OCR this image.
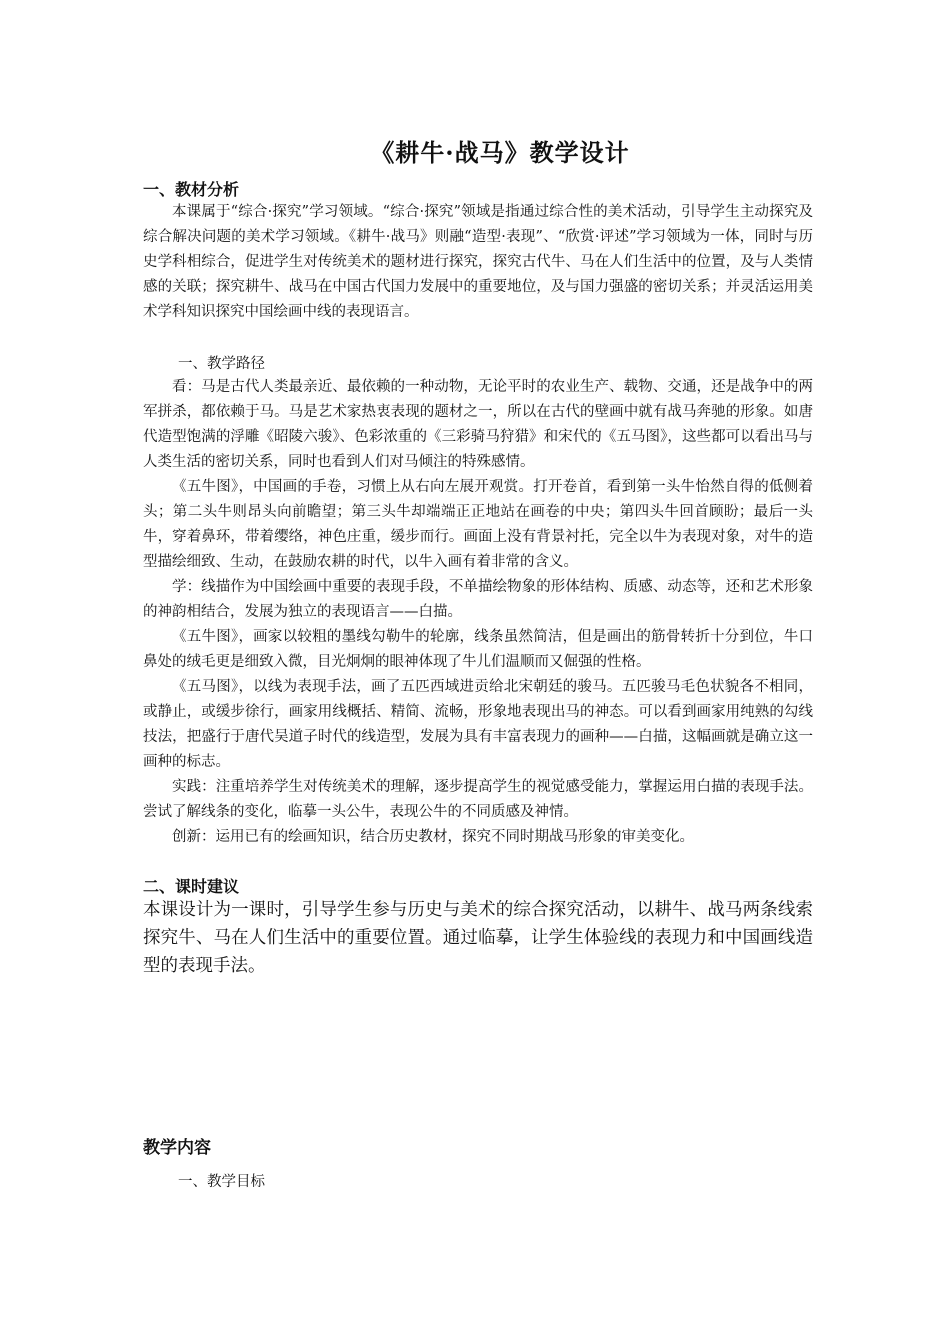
《耕牛·战马》教学设计
一、教材分析

本课属于“综合·探究”学习领域。“综合·探究”领域是指通过综合性的美术活动，引导学生主动探究及综合解决问题的美术学习领域。《耕牛·战马》则融“造型·表现”、“欣赏·评述”学习领域为一体，同时与历史学科相综合，促进学生对传统美术的题材进行探究，探究古代牛、马在人们生活中的位置，及与人类情感的关联；探究耕牛、战马在中国古代国力发展中的重要地位，及与国力强盛的密切关系；并灵活运用美术学科知识探究中国绘画中线的表现语言。

一、教学路径

看：马是古代人类最亲近、最依赖的一种动物，无论平时的农业生产、载物、交通，还是战争中的两军拼杀，都依赖于马。马是艺术家热衷表现的题材之一，所以在古代的壁画中就有战马奔驰的形象。如唐代造型饱满的浮雕《昭陵六骏》、色彩浓重的《三彩骑马狩猎》和宋代的《五马图》，这些都可以看出马与人类生活的密切关系，同时也看到人们对马倾注的特殊感情。

《五牛图》，中国画的手卷，习惯上从右向左展开观赏。打开卷首，看到第一头牛怡然自得的低侧着头；第二头牛则昂头向前瞻望；第三头牛却端端正正地站在画卷的中央；第四头牛回首顾盼；最后一头牛，穿着鼻环，带着缨络，神色庄重，缓步而行。画面上没有背景衬托，完全以牛为表现对象，对牛的造型描绘细致、生动，在鼓励农耕的时代，以牛入画有着非常的含义。

学：线描作为中国绘画中重要的表现手段，不单描绘物象的形体结构、质感、动态等，还和艺术形象的神韵相结合，发展为独立的表现语言——白描。

《五牛图》，画家以较粗的墨线勾勒牛的轮廓，线条虽然简洁，但是画出的筋骨转折十分到位，牛口鼻处的绒毛更是细致入微，目光炯炯的眼神体现了牛儿们温顺而又倔强的性格。

《五马图》，以线为表现手法，画了五匹西域进贡给北宋朝廷的骏马。五匹骏马毛色状貌各不相同，或静止，或缓步徐行，画家用线概括、精简、流畅，形象地表现出马的神态。可以看到画家用纯熟的勾线技法，把盛行于唐代吴道子时代的线造型，发展为具有丰富表现力的画种——白描，这幅画就是确立这一画种的标志。

实践：注重培养学生对传统美术的理解，逐步提高学生的视觉感受能力，掌握运用白描的表现手法。尝试了解线条的变化，临摹一头公牛，表现公牛的不同质感及神情。

创新：运用已有的绘画知识，结合历史教材，探究不同时期战马形象的审美变化。

二、课时建议
本课设计为一课时，引导学生参与历史与美术的综合探究活动，以耕牛、战马两条线索探究牛、马在人们生活中的重要位置。通过临摹，让学生体验线的表现力和中国画线造型的表现手法。
教学内容
一、教学目标
